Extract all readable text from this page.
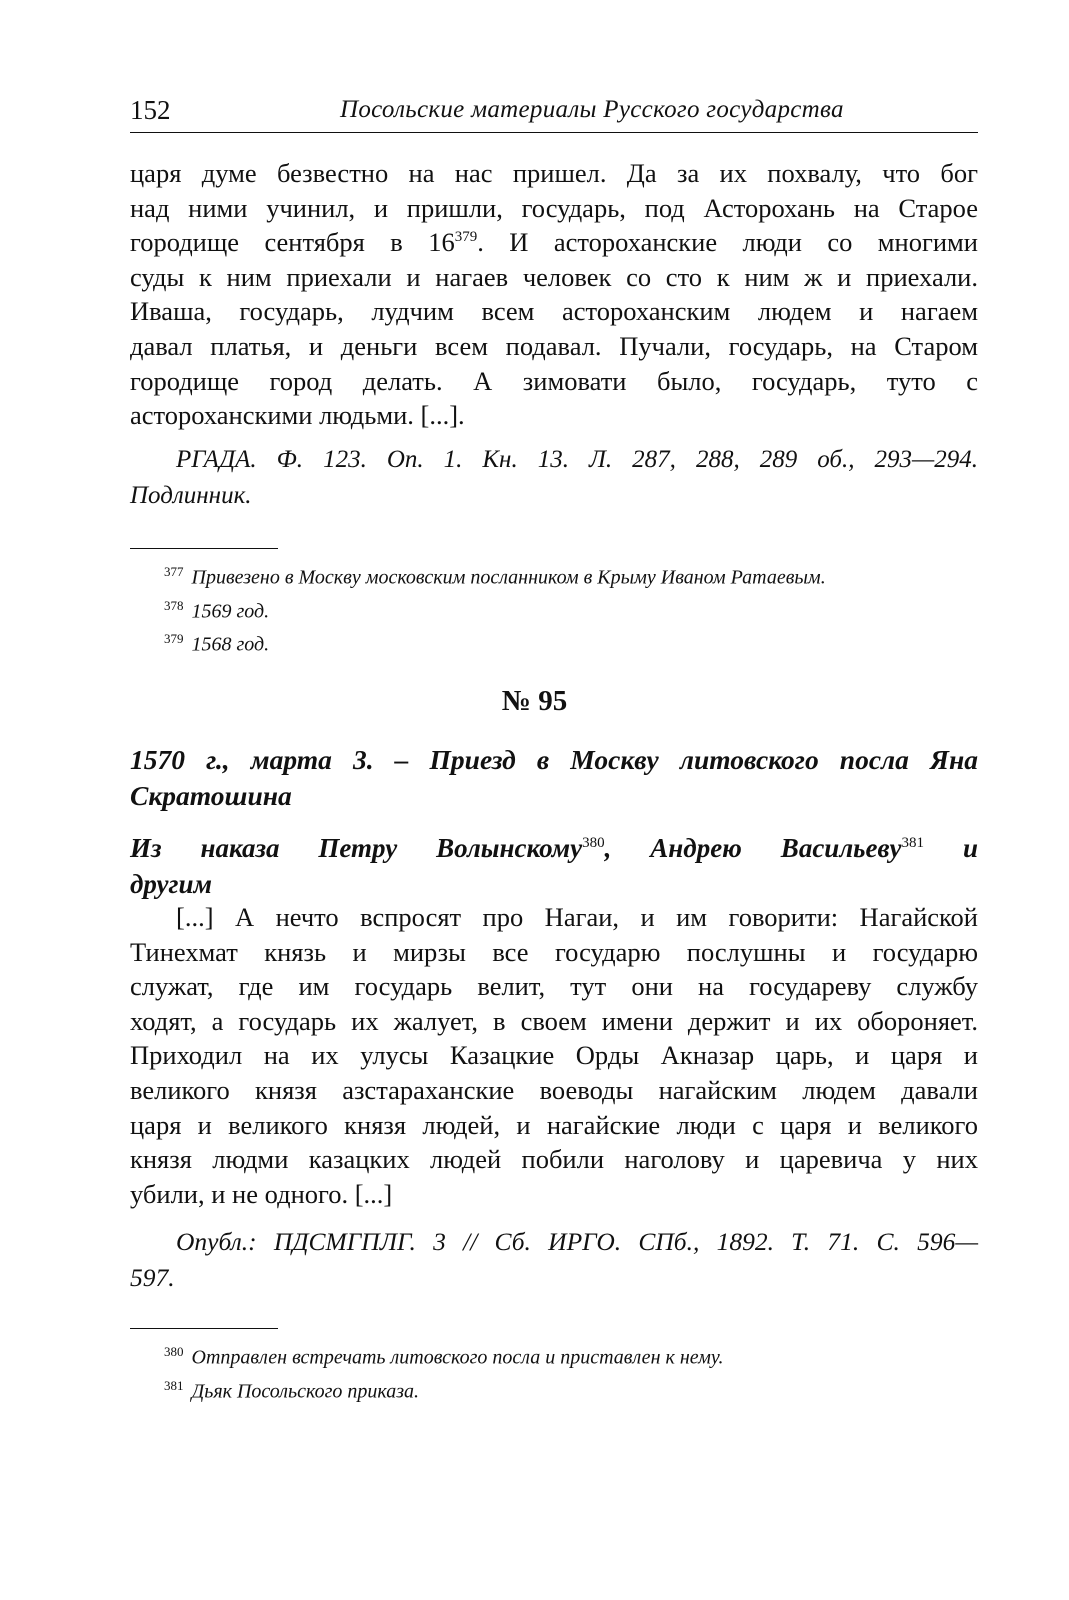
152	Посольские материалы Русского государства
царя думе безвестно на нас пришел. Да за их похвалу, что бог
над ними учинил, и пришли, государь, под Асторохань на Старое
городище сентября в 16$^{379}$. И астороханские люди со многими
суды к ним приехали и нагаев человек со сто к ним ж и приехали.
Иваша, государь, лудчим всем астороханским людем и нагаем
давал платья, и деньги всем подавал. Пучали, государь, на Старом
городище город делать. А зимовати было, государь, туто с
астороханскими людьми. [...].
РГАДА. Ф. 123. Оп. 1. Кн. 13. Л. 287, 288, 289 об., 293—294.
Подлинник.
$^{377}$ Привезено в Москву московским посланником в Крыму Иваном Ратаевым.
$^{378}$ 1569 год.
$^{379}$ 1568 год.
№ 95
1570 г., марта 3. – Приезд в Москву литовского посла Яна
Скратошина
Из наказа Петру Волынскому$^{380}$, Андрею Васильеву$^{381}$ и
другим
[...] А нечто вспросят про Нагаи, и им говорити: Нагайской
Тинехмат князь и мирзы все государю послушны и государю
служат, где им государь велит, тут они на государеву службу
ходят, а государь их жалует, в своем имени держит и их обороняет.
Приходил на их улусы Казацкие Орды Акназар царь, и царя и
великого князя азстараханские воеводы нагайским людем давали
царя и великого князя людей, и нагайские люди с царя и великого
князя людми казацких людей побили наголову и царевича у них
убили, и не одного. [...]
Опубл.: ПДСМГПЛГ. 3 // Сб. ИРГО. СПб., 1892. Т. 71. С. 596—
597.
$^{380}$ Отправлен встречать литовского посла и приставлен к нему.
$^{381}$ Дьяк Посольского приказа.
